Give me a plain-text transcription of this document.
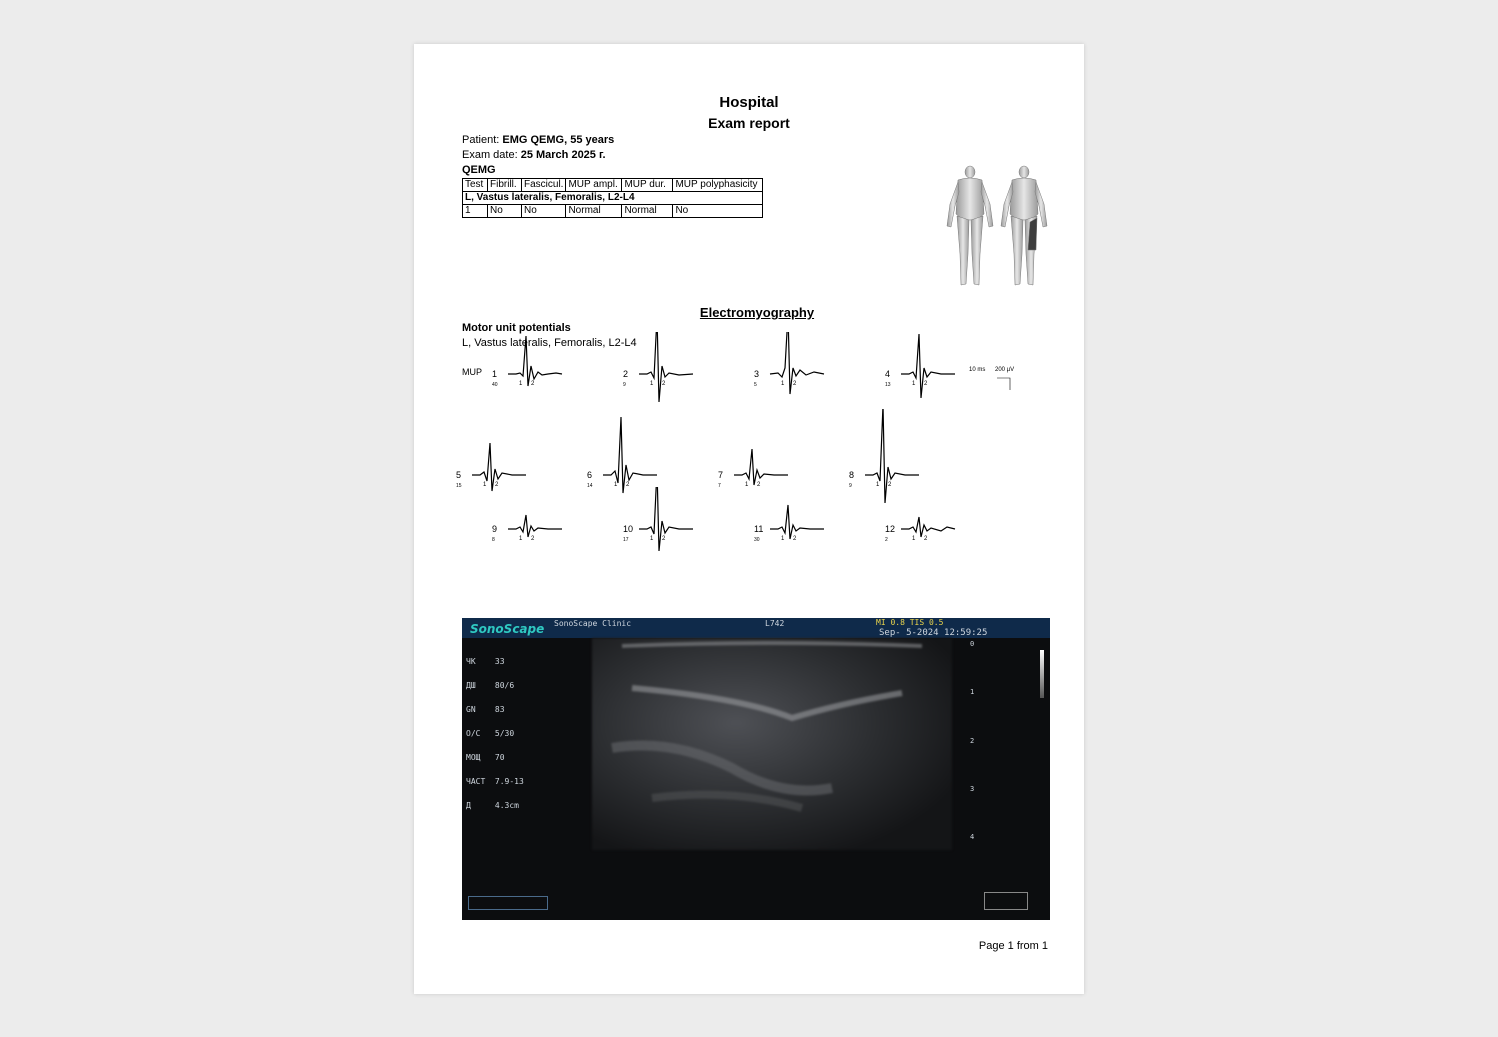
Hospital
Exam report
Patient: EMG QEMG, 55 years
Exam date: 25 March 2025 г.
QEMG
Test	Fibrill.	Fascicul.	MUP ampl.	MUP dur.	MUP polyphasicity
L, Vastus lateralis, Femoralis, L2-L4					
1	No	No	Normal	Normal	No
Electromyography
Motor unit potentials
L, Vastus lateralis, Femoralis, L2-L4
MUP	10 ms 200 µV
1
40	1 2
2
9	1 2
3
5	1 2
4
13	1 2
5
15	1 2
6
14	1 2
7
7	1 2
8
9	1 2
9
8	1 2
10
17	1 2
11
30	1 2
12
2	1 2
SonoScape SonoScape Clinic	L742	MI 0.8 TIS 0.5
Sep- 5-2024 12:59:25

ЧК    33

ДШ    80/6

GN    83

О/С   5/30

МОЩ   70

ЧАСТ  7.9-13

Д     4.3cm

0
1
2
3
4
Page 1 from 1
